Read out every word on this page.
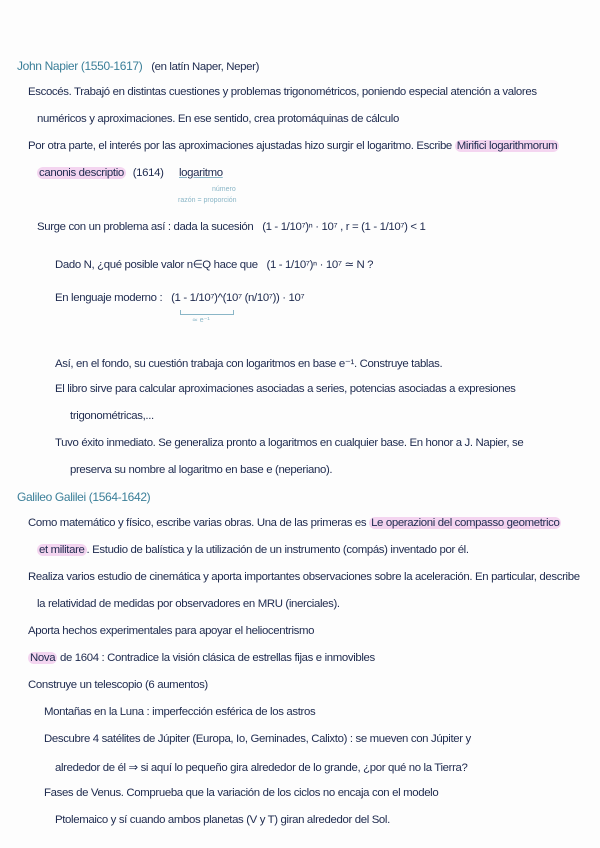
John Napier (1550-1617) (en latín Naper, Neper)
Escocés. Trabajó en distintas cuestiones y problemas trigonométricos, poniendo especial atención a valores
numéricos y aproximaciones. En ese sentido, crea protomáquinas de cálculo
Por otra parte, el interés por las aproximaciones ajustadas hizo surgir el logaritmo. Escribe Mirifici logarithmorum
canonis descriptio (1614) logaritmo
número
razón = proporción
Surge con un problema así : dada la sucesión (1 - 1/10⁷)ⁿ · 10⁷ , r = (1 - 1/10⁷) < 1
Dado N, ¿qué posible valor n∈Q hace que (1 - 1/10⁷)ⁿ · 10⁷ ≃ N ?
En lenguaje moderno : (1 - 1/10⁷)^(10⁷ (n/10⁷)) · 10⁷
≃ e⁻¹
Así, en el fondo, su cuestión trabaja con logaritmos en base e⁻¹. Construye tablas.
El libro sirve para calcular aproximaciones asociadas a series, potencias asociadas a expresiones
trigonométricas,...
Tuvo éxito inmediato. Se generaliza pronto a logaritmos en cualquier base. En honor a J. Napier, se
preserva su nombre al logaritmo en base e (neperiano).
Galileo Galilei (1564-1642)
Como matemático y físico, escribe varias obras. Una de las primeras es Le operazioni del compasso geometrico
et militare . Estudio de balística y la utilización de un instrumento (compás) inventado por él.
Realiza varios estudio de cinemática y aporta importantes observaciones sobre la aceleración. En particular, describe
la relatividad de medidas por observadores en MRU (inerciales).
Aporta hechos experimentales para apoyar el heliocentrismo
Nova de 1604 : Contradice la visión clásica de estrellas fijas e inmovibles
Construye un telescopio (6 aumentos)
Montañas en la Luna : imperfección esférica de los astros
Descubre 4 satélites de Júpiter (Europa, Io, Geminades, Calixto) : se mueven con Júpiter y
alrededor de él ⇒ si aquí lo pequeño gira alrededor de lo grande, ¿por qué no la Tierra?
Fases de Venus. Comprueba que la variación de los ciclos no encaja con el modelo
Ptolemaico y sí cuando ambos planetas (V y T) giran alrededor del Sol.
